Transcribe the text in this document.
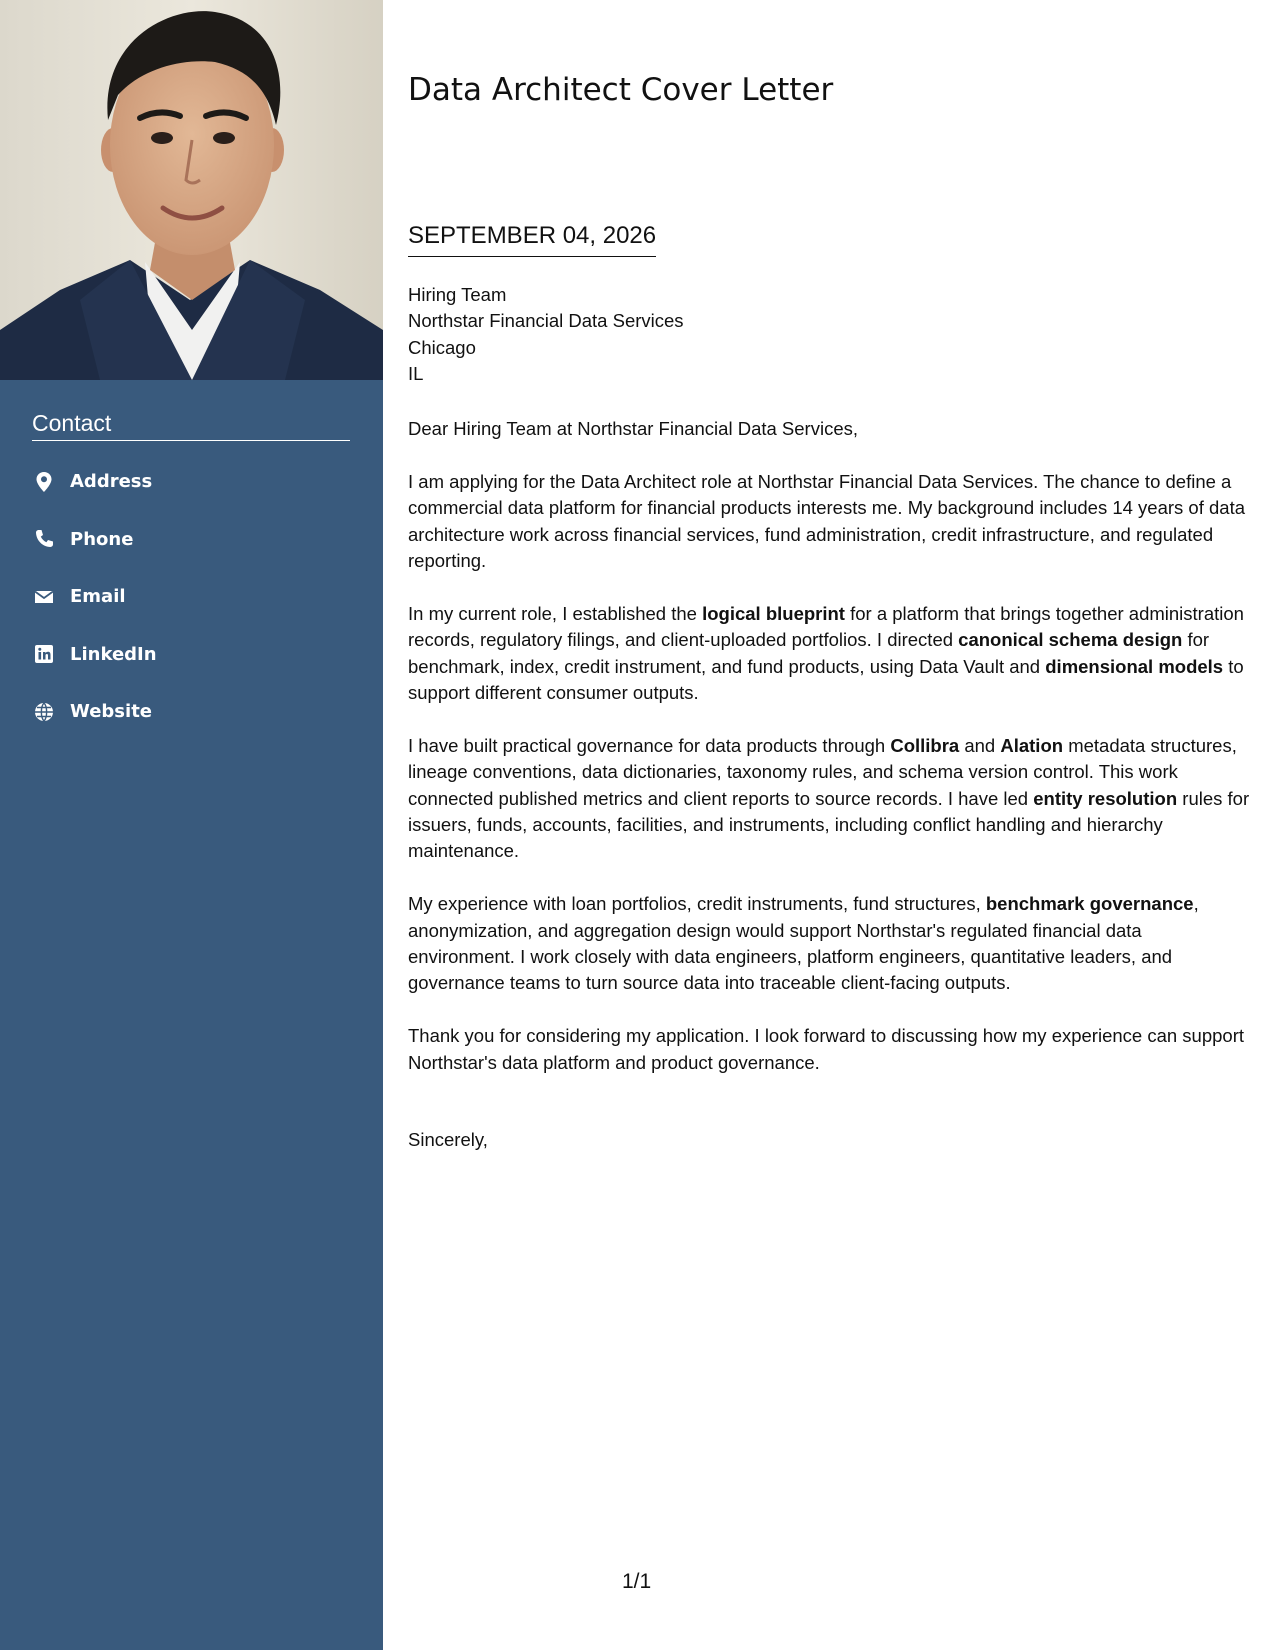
Contact
Address
Phone
Email
LinkedIn
Website
Data Architect Cover Letter
SEPTEMBER 04, 2026
Hiring Team
Northstar Financial Data Services
Chicago
IL

Dear Hiring Team at Northstar Financial Data Services,

I am applying for the Data Architect role at Northstar Financial Data Services. The chance to define a commercial data platform for financial products interests me. My background includes 14 years of data architecture work across financial services, fund administration, credit infrastructure, and regulated reporting.

In my current role, I established the logical blueprint for a platform that brings together administration records, regulatory filings, and client-uploaded portfolios. I directed canonical schema design for benchmark, index, credit instrument, and fund products, using Data Vault and dimensional models to support different consumer outputs.

I have built practical governance for data products through Collibra and Alation metadata structures, lineage conventions, data dictionaries, taxonomy rules, and schema version control. This work connected published metrics and client reports to source records. I have led entity resolution rules for issuers, funds, accounts, facilities, and instruments, including conflict handling and hierarchy maintenance.

My experience with loan portfolios, credit instruments, fund structures, benchmark governance, anonymization, and aggregation design would support Northstar's regulated financial data environment. I work closely with data engineers, platform engineers, quantitative leaders, and governance teams to turn source data into traceable client-facing outputs.

Thank you for considering my application. I look forward to discussing how my experience can support Northstar's data platform and product governance.

Sincerely,
1/1
